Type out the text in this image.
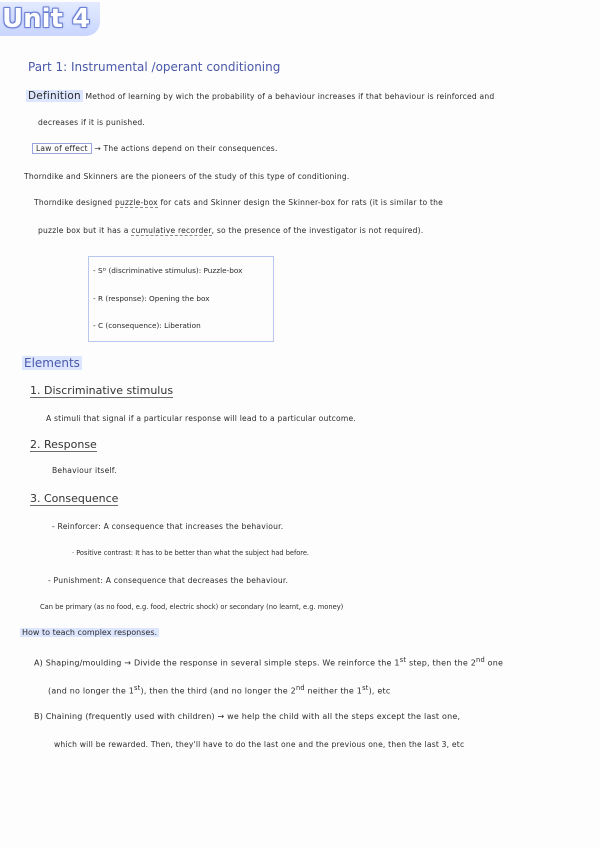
Unit 4
Part 1: Instrumental /operant conditioning
Definition Method of learning by wich the probability of a behaviour increases if that behaviour is reinforced and
decreases if it is punished.
Law of effect → The actions depend on their consequences.
Thorndike and Skinners are the pioneers of the study of this type of conditioning.
Thorndike designed puzzle-box for cats and Skinner design the Skinner-box for rats (it is similar to the
puzzle box but it has a cumulative recorder, so the presence of the investigator is not required).
- Sᴰ (discriminative stimulus): Puzzle-box
- R (response): Opening the box
- C (consequence): Liberation
Elements
1. Discriminative stimulus
A stimuli that signal if a particular response will lead to a particular outcome.
2. Response
Behaviour itself.
3. Consequence
- Reinforcer: A consequence that increases the behaviour.
· Positive contrast: It has to be better than what the subject had before.
- Punishment: A consequence that decreases the behaviour.
Can be primary (as no food, e.g. food, electric shock) or secondary (no learnt, e.g. money)
How to teach complex responses.
A) Shaping/moulding → Divide the response in several simple steps. We reinforce the 1st step, then the 2nd one
(and no longer the 1st), then the third (and no longer the 2nd neither the 1st), etc
B) Chaining (frequently used with children) → we help the child with all the steps except the last one,
which will be rewarded. Then, they'll have to do the last one and the previous one, then the last 3, etc
